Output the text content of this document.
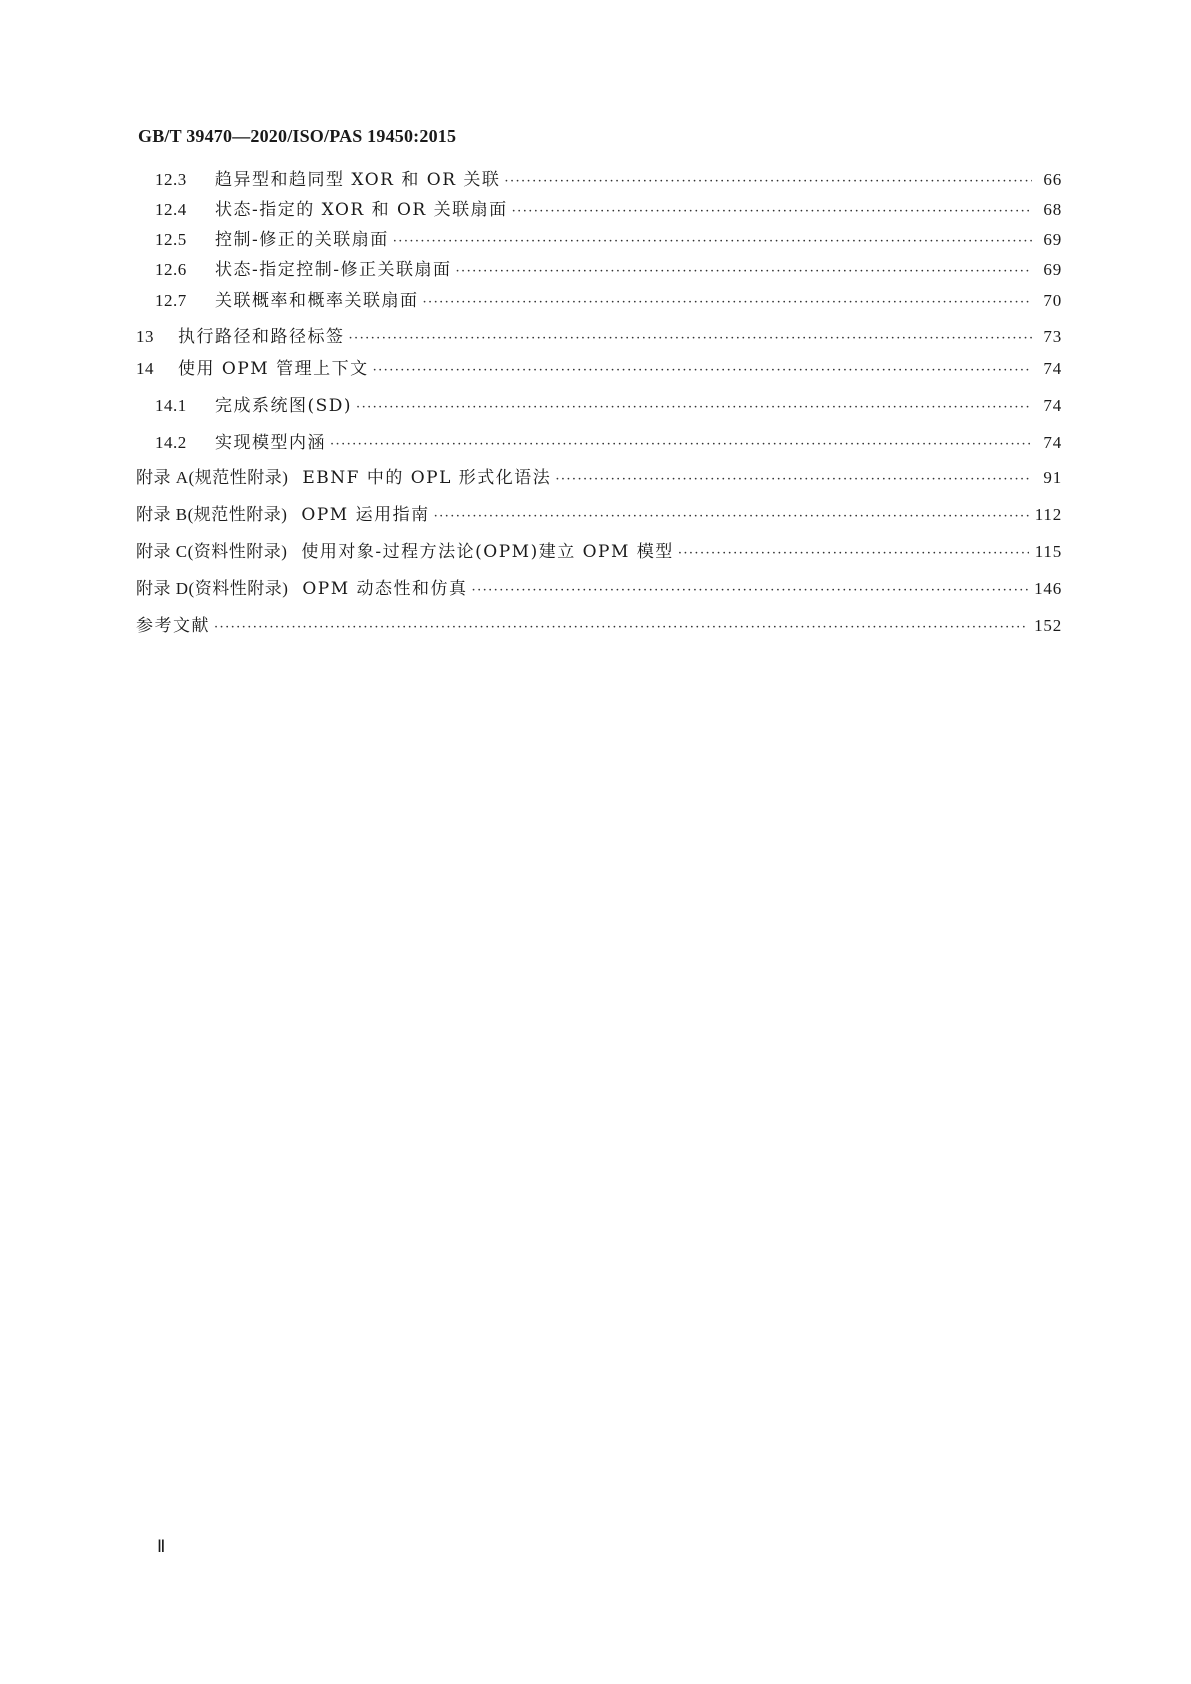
GB/T 39470—2020/ISO/PAS 19450:2015
12.3	趋异型和趋同型 XOR 和 OR 关联 ·····	66
12.4	状态-指定的 XOR 和 OR 关联扇面 ·····	68
12.5	控制-修正的关联扇面 ·····	69
12.6	状态-指定控制-修正关联扇面 ·····	69
12.7	关联概率和概率关联扇面 ·····	70
13	执行路径和路径标签 ·····	73
14	使用 OPM 管理上下文 ·····	74
14.1	完成系统图(SD) ·····	74
14.2	实现模型内涵 ·····	74
附录 A(规范性附录) EBNF 中的 OPL 形式化语法 ·····	91
附录 B(规范性附录) OPM 运用指南 ·····	112
附录 C(资料性附录) 使用对象-过程方法论(OPM)建立 OPM 模型 ·····	115
附录 D(资料性附录) OPM 动态性和仿真 ·····	146
参考文献 ·····	152
Ⅱ
